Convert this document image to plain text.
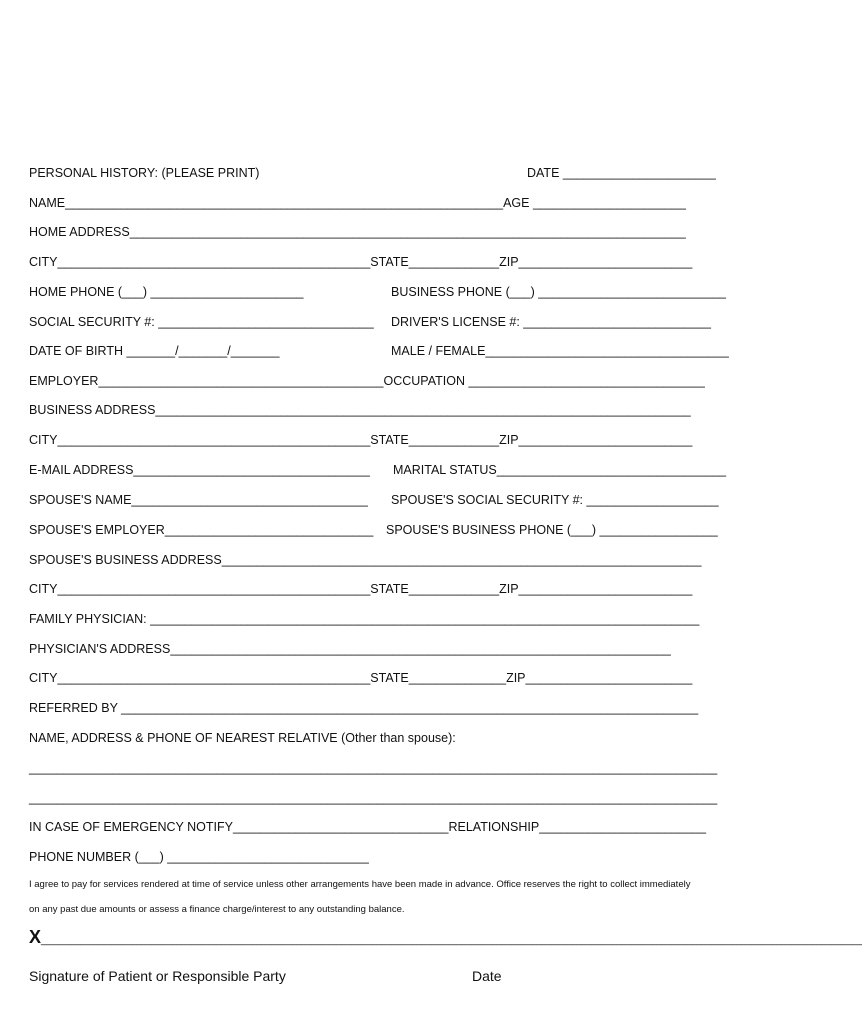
PERSONAL HISTORY: (PLEASE PRINT)	DATE ______________________
NAME_______________________________________________________________AGE ______________________
HOME ADDRESS________________________________________________________________________________
CITY_____________________________________________STATE_____________ZIP_________________________
HOME PHONE (___) ______________________	BUSINESS PHONE (___) ___________________________
SOCIAL SECURITY #: _______________________________ DRIVER'S LICENSE #: ___________________________
DATE OF BIRTH _______/_______/_______	MALE / FEMALE___________________________________
EMPLOYER_________________________________________OCCUPATION __________________________________
BUSINESS ADDRESS_____________________________________________________________________________
CITY_____________________________________________STATE_____________ZIP_________________________
E-MAIL ADDRESS__________________________________ MARITAL STATUS_________________________________
SPOUSE'S NAME__________________________________ SPOUSE'S SOCIAL SECURITY #: ___________________
SPOUSE'S EMPLOYER______________________________ SPOUSE'S BUSINESS PHONE (___) _________________
SPOUSE'S BUSINESS ADDRESS_____________________________________________________________________
CITY_____________________________________________STATE_____________ZIP_________________________
FAMILY PHYSICIAN: _______________________________________________________________________________
PHYSICIAN'S ADDRESS________________________________________________________________________
CITY_____________________________________________STATE______________ZIP________________________
REFERRED BY ___________________________________________________________________________________
NAME, ADDRESS & PHONE OF NEAREST RELATIVE (Other than spouse):
___________________________________________________________________________________________________
___________________________________________________________________________________________________
IN CASE OF EMERGENCY NOTIFY_______________________________RELATIONSHIP________________________
PHONE NUMBER (___) _____________________________
I agree to pay for services rendered at time of service unless other arrangements have been made in advance. Office reserves the right to collect immediately
on any past due amounts or assess a finance charge/interest to any outstanding balance.
X__________________________________________________________________________________
Signature of Patient or Responsible Party	Date
